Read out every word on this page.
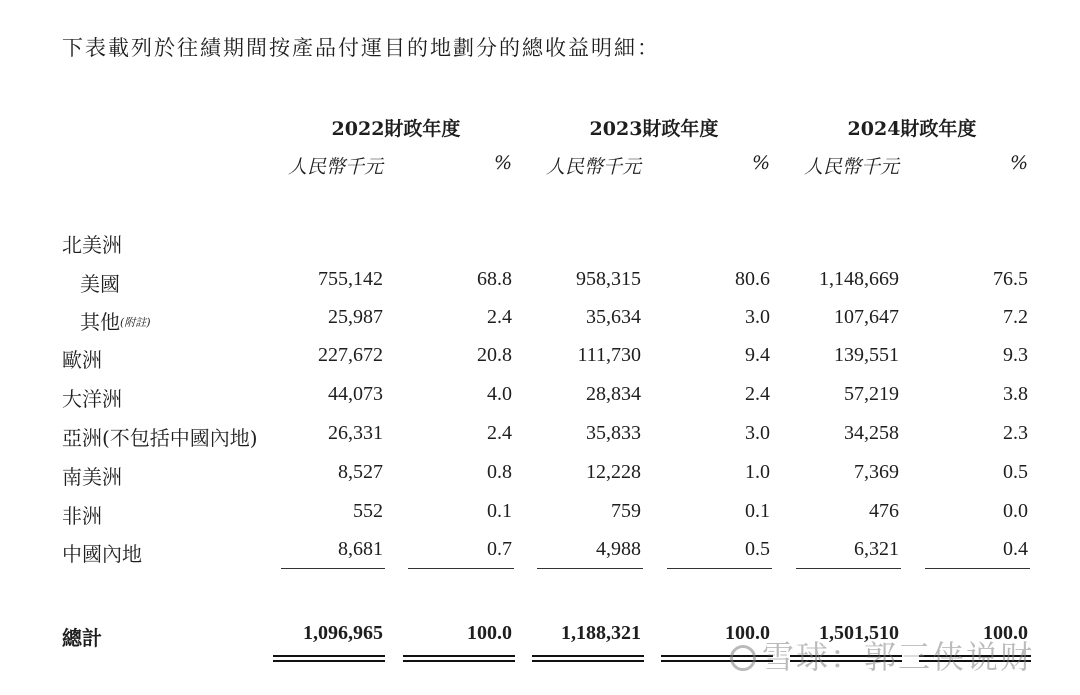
下表載列於往績期間按產品付運目的地劃分的總收益明細：
2022財政年度	2023財政年度	2024財政年度
人民幣千元	% 人民幣千元	% 人民幣千元	%
北美洲
美國	755,142	68.8	958,315	80.6 1,148,669	76.5
其他(附註)	25,987	2.4	35,634	3.0	107,647	7.2
歐洲	227,672	20.8	111,730	9.4	139,551	9.3
大洋洲	44,073	4.0	28,834	2.4	57,219	3.8
亞洲(不包括中國內地)	26,331	2.4	35,833	3.0	34,258	2.3
南美洲	8,527	0.8	12,228	1.0	7,369	0.5
非洲	552	0.1	759	0.1	476	0.0
中國內地	8,681	0.7	4,988	0.5	6,321	0.4
總計	1,096,965	100.0 1,188,321	100.0 1,501,510	100.0
雪球：郭三侠说财
